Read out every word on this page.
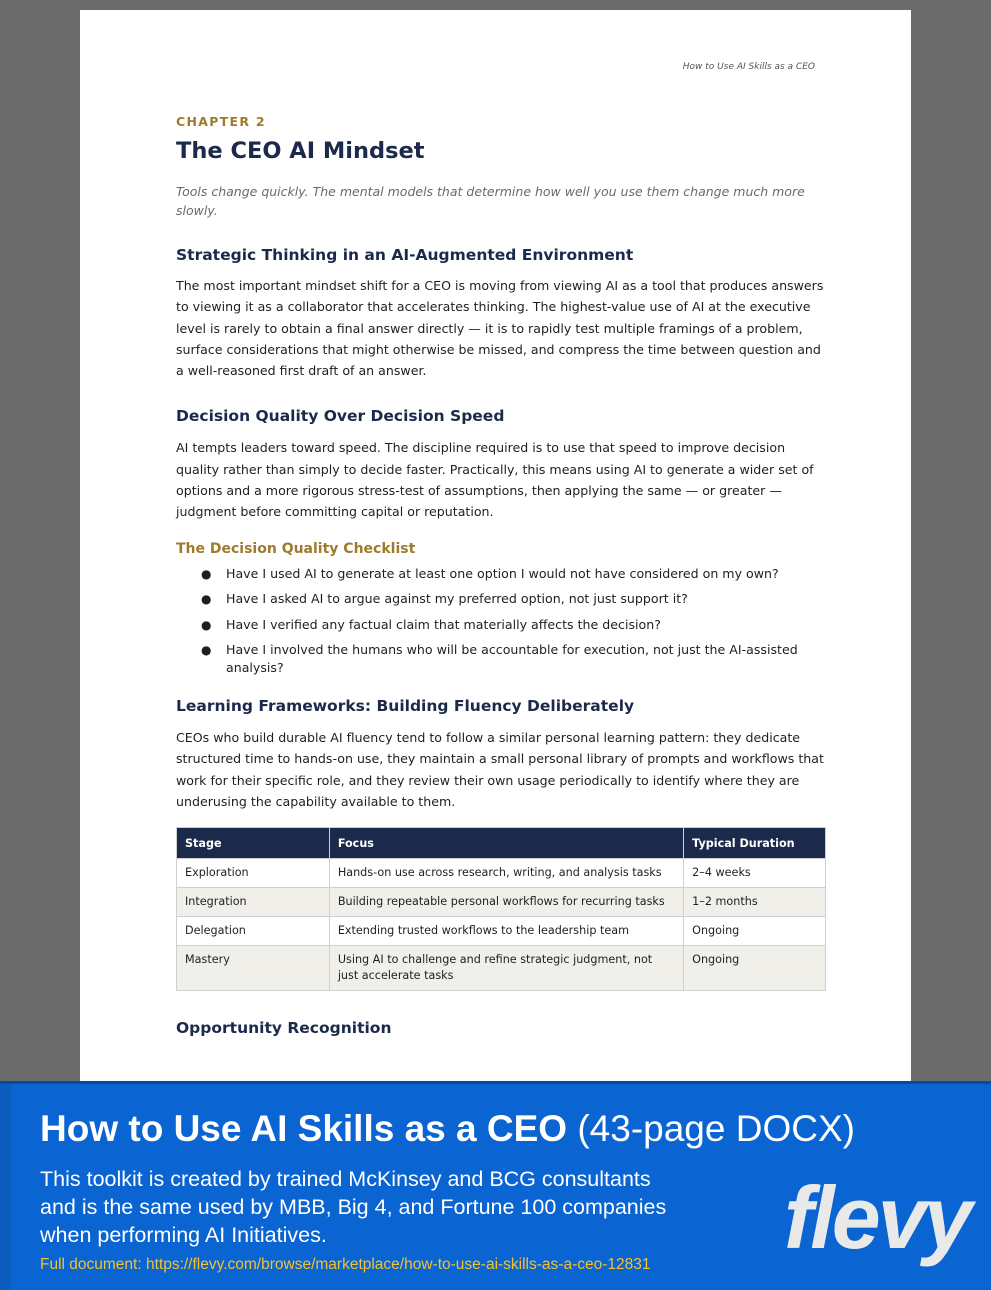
How to Use AI Skills as a CEO
CHAPTER 2
The CEO AI Mindset

Tools change quickly. The mental models that determine how well you use them change much more slowly.

Strategic Thinking in an AI-Augmented Environment

The most important mindset shift for a CEO is moving from viewing AI as a tool that produces answers to viewing it as a collaborator that accelerates thinking. The highest-value use of AI at the executive level is rarely to obtain a final answer directly — it is to rapidly test multiple framings of a problem, surface considerations that might otherwise be missed, and compress the time between question and a well-reasoned first draft of an answer.

Decision Quality Over Decision Speed

AI tempts leaders toward speed. The discipline required is to use that speed to improve decision quality rather than simply to decide faster. Practically, this means using AI to generate a wider set of options and a more rigorous stress-test of assumptions, then applying the same — or greater — judgment before committing capital or reputation.

The Decision Quality Checklist
● Have I used AI to generate at least one option I would not have considered on my own?
● Have I asked AI to argue against my preferred option, not just support it?
● Have I verified any factual claim that materially affects the decision?
● Have I involved the humans who will be accountable for execution, not just the AI-assisted analysis?
Learning Frameworks: Building Fluency Deliberately

CEOs who build durable AI fluency tend to follow a similar personal learning pattern: they dedicate structured time to hands-on use, they maintain a small personal library of prompts and workflows that work for their specific role, and they review their own usage periodically to identify where they are underusing the capability available to them.

Stage	Focus	Typical Duration
Exploration	Hands-on use across research, writing, and analysis tasks	2–4 weeks
Integration	Building repeatable personal workflows for recurring tasks	1–2 months
Delegation	Extending trusted workflows to the leadership team	Ongoing
Mastery	Using AI to challenge and refine strategic judgment, not just accelerate tasks	Ongoing
Opportunity Recognition
How to Use AI Skills as a CEO (43-page DOCX)
This toolkit is created by trained McKinsey and BCG consultants and is the same used by MBB, Big 4, and Fortune 100 companies when performing AI Initiatives.
Full document: https://flevy.com/browse/marketplace/how-to-use-ai-skills-as-a-ceo-12831 flevy
